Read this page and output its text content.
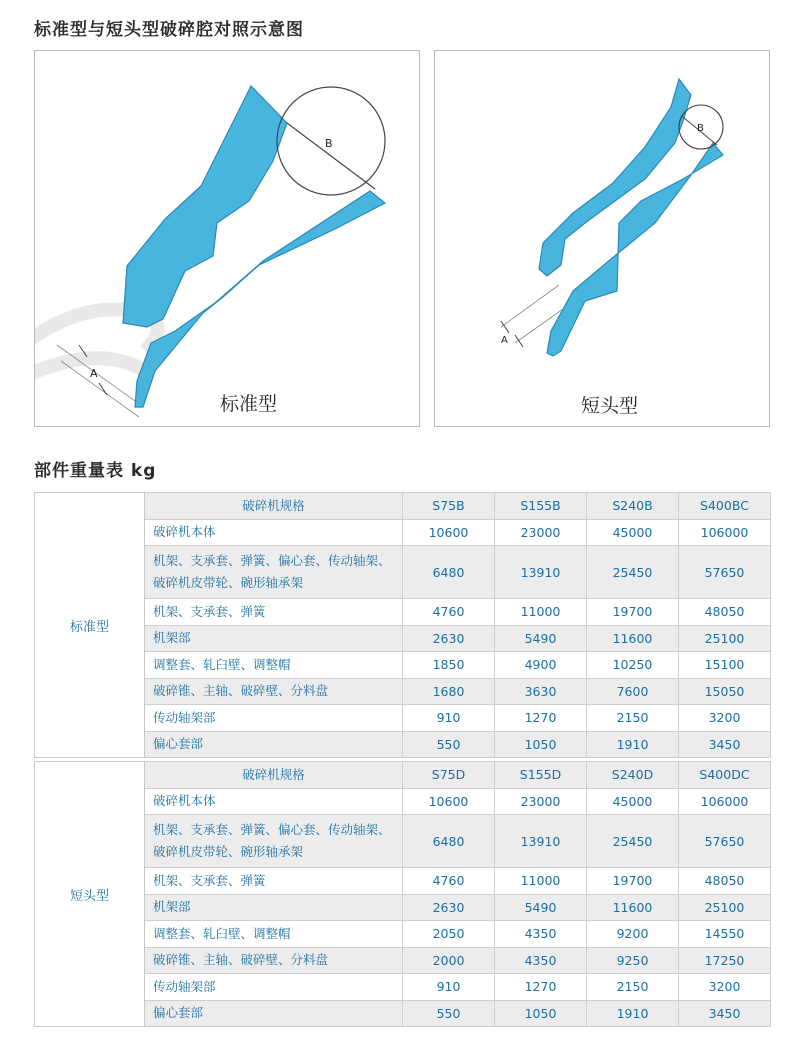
标准型与短头型破碎腔对照示意图
B
A
标准型
B
A
短头型
部件重量表 kg
标准型	破碎机规格	S75B	S155B	S240B	S400BC
	破碎机本体	10600	23000	45000	106000
	机架、支承套、弹簧、偏心套、传动轴架、破碎机皮带轮、碗形轴承架	6480	13910	25450	57650
	机架、支承套、弹簧	4760	11000	19700	48050
	机架部	2630	5490	11600	25100
	调整套、轧臼壁、调整帽	1850	4900	10250	15100
	破碎锥、主轴、破碎壁、分料盘	1680	3630	7600	15050
	传动轴架部	910	1270	2150	3200
	偏心套部	550	1050	1910	3450
短头型	破碎机规格	S75D	S155D	S240D	S400DC
	破碎机本体	10600	23000	45000	106000
	机架、支承套、弹簧、偏心套、传动轴架、破碎机皮带轮、碗形轴承架	6480	13910	25450	57650
	机架、支承套、弹簧	4760	11000	19700	48050
	机架部	2630	5490	11600	25100
	调整套、轧臼壁、调整帽	2050	4350	9200	14550
	破碎锥、主轴、破碎壁、分料盘	2000	4350	9250	17250
	传动轴架部	910	1270	2150	3200
	偏心套部	550	1050	1910	3450
